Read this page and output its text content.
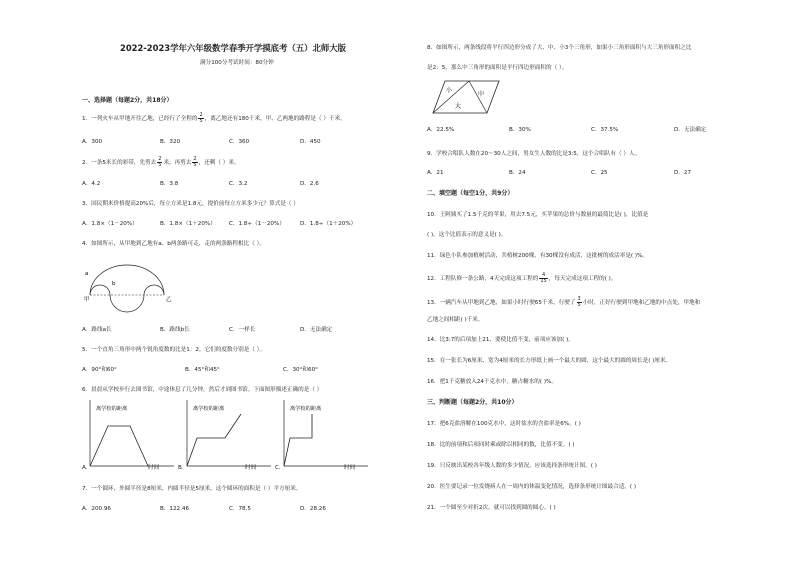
2022-2023学年六年级数学春季开学摸底考（五）北师大版
满分100分考试时间：80分钟
一、选择题（每题2分，共18分）
1．一列火车从甲地开往乙地，已经行了全程的 $\frac{2}{5}$ ，离乙地还有180千米，甲、乙两地的路程是（ ）千米。
A．300	B．320	C．360	D．450
2．一条5米长的彩带，先剪去 $\frac{2}{5}$ 米，再剪去 $\frac{2}{5}$ ，还剩（ ）米。
A．4.2	B．3.8	C．3.2	D．2.6
3．国民期米价格提高20%后，每立方米是1.8元，提价前每立方米多少元？算式是（ ）
A．1.8×（1－20%）	B．1.8×（1＋20%） C．1.8÷（1－20%）	D．1.8÷（1＋20%）
4．如图所示，从甲地到乙地有a、b两条路可走，走的两条路程相比（ ）。
a
b
甲	乙
A．路线a长	B．路线b长	C．一样长	D．无法确定
5．一个直角三角形中两个锐角度数的比是1：2，它们的度数分别是（ ）。
A．90°和60°	B．45°和45°	C．30°和60°
6．晨晨从学校步行去图书馆，中途休息了几分钟，然后才到图书馆。下面图形描述正确的是（ ）
离学校的距离	离学校的距离	离学校的距离
A．	时间	B．	时间	C．	时间
7．一个圆环，外圆半径是8厘米，内圆半径是5厘米，这个圆环的面积是（ ）平方厘米。
A．200.96	B．122.46	C．78.5	D．28.26
8．如图所示，两条线段将平行四边形分成了大、中、小3个三角形，如果小三角形面积与大三角形面积之比
是2：5，那么中三角形的面积是平行四边形面积的（ ）。
小
中
大
A．22.5%	B．30%	C．37.5%	D．无法确定
9．学校合唱队人数在20～30人之间，男女生人数的比是3:5，这个合唱队有（ ）人。
A．21	B．24	C．25	D．27
二、填空题（每空1分，共9分）
10．王阿姨买了1.5千克的苹果，用去7.5元，买苹果的总价与数量的最简比是( )，比值是
( )，这个比值表示的意义是( )。
11．绿色小队参加植树活动，共植树200棵，有30棵没有成活，这批树的成活率是( )%。
12．工程队修一条公路，4天完成这项工程的 $\frac{4}{15}$ ，每天完成这项工程的( )。
13．一辆汽车从甲地到乙地，如果小时行驶65千米，行驶了 $\frac{3}{5}$ 小时，正好行驶到甲地和乙地的中点处，甲地和
乙地之间相距( )千米。
14．比3:7的后项加上21，要使比值不变，前项应该加( )。
15．在一张长为6厘米、宽为4厘米的长方形纸上画一个最大的圆，这个最大的圆的周长是( )厘米。
16．把1千克糖放入24千克水中，糖占糖水的( )%。
三、判断题（每题2分，共10分）
17．把6克盐溶解在100克水中，这时盐水的含盐率是6%。( )
18．比的前项和后项同时乘或除以相同的数，比值不变。( )
19．只反映出某校各年级人数的多少情况，应该选择条形统计图。( )
20．医生要记录一位发烧病人在一周内的体温变化情况，选择条形统计图最合适。( )
21．一个圆至少对折2次，就可以找到圆的圆心。( )
